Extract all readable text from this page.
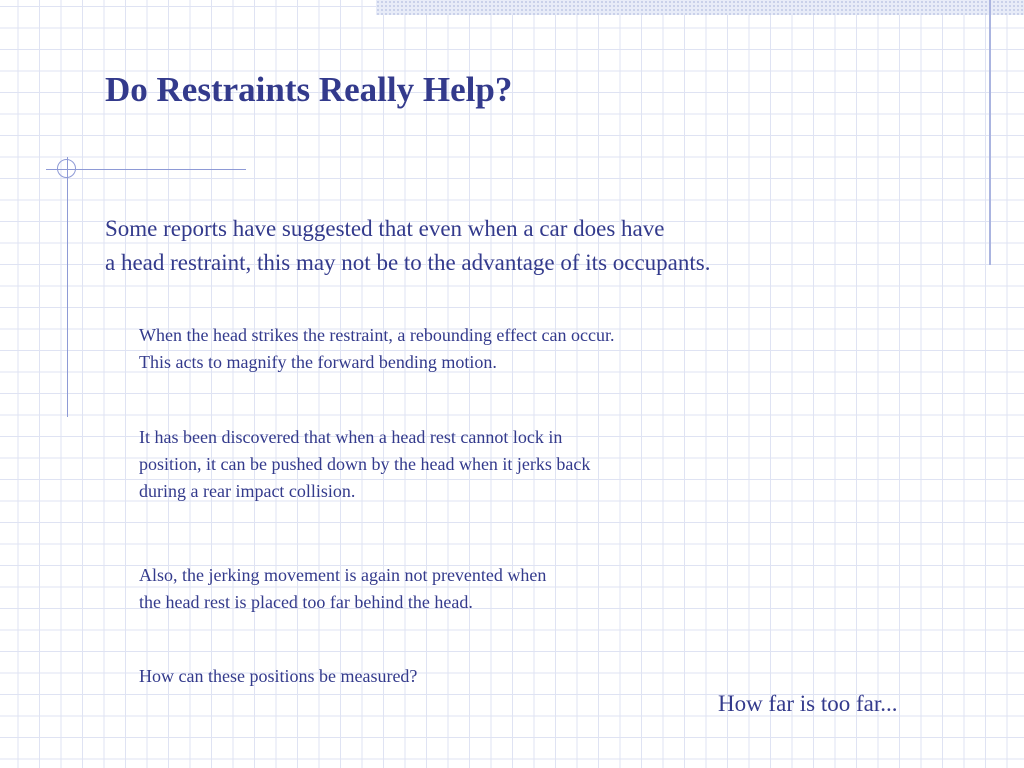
Do Restraints Really Help?

Some reports have suggested that even when a car does have
a head restraint, this may not be to the advantage of its occupants.

When the head strikes the restraint, a rebounding effect can occur.
This acts to magnify the forward bending motion.

It has been discovered that when a head rest cannot lock in
position, it can be pushed down by the head when it jerks back
during a rear impact collision.

Also, the jerking movement is again not prevented when
the head rest is placed too far behind the head.

How can these positions be measured?

How far is too far...
